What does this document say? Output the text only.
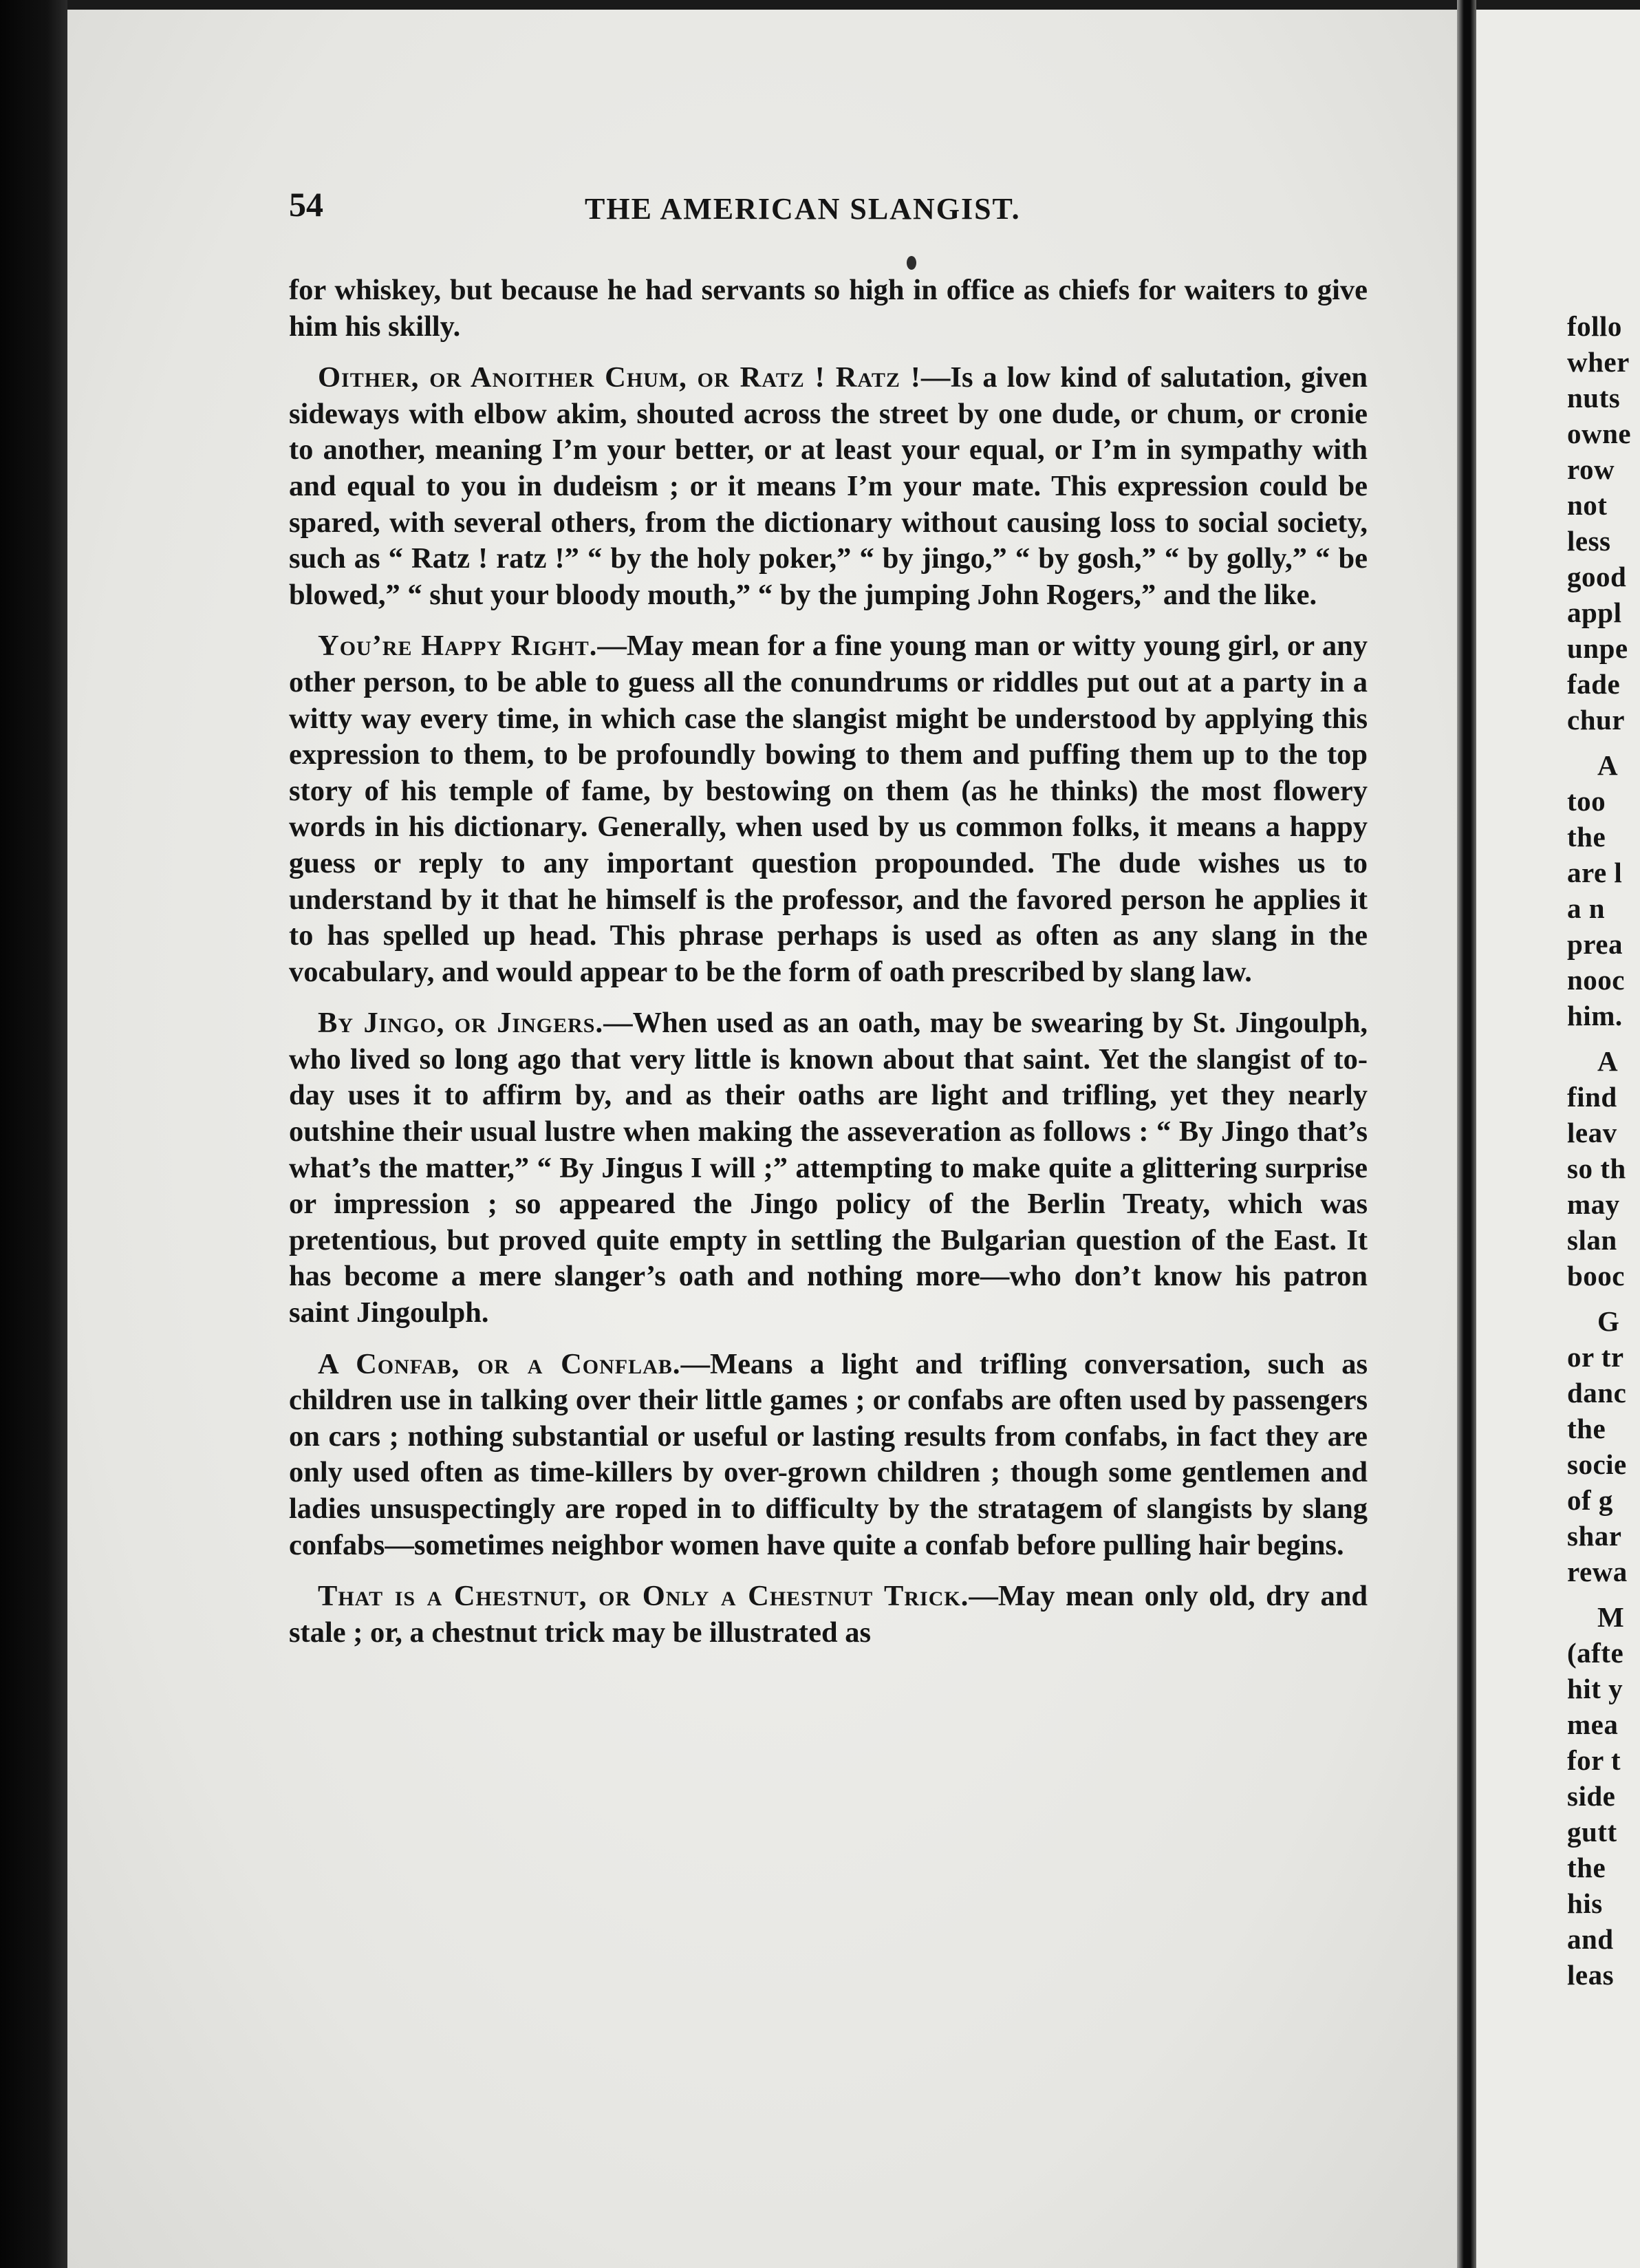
follo
wher
nuts
owne
row
not
less
good
appl
unpe
fade
chur
A
too
the
are l
a n
prea
nooc
him.
A
find
leav
so th
may
slan
booc
G
or tr
danc
the
socie
of g
shar
rewa
M
(afte
hit y
mea
for t
side
gutt
the
his
and
leas
54	THE AMERICAN SLANGIST.

for whiskey, but because he had servants so high in office as chiefs for waiters to give him his skilly.

Oither, or Anoither Chum, or Ratz ! Ratz !—Is a low kind of salutation, given sideways with elbow akim, shouted across the street by one dude, or chum, or cronie to another, meaning I’m your better, or at least your equal, or I’m in sympathy with and equal to you in dudeism ; or it means I’m your mate. This expression could be spared, with several others, from the dictionary without causing loss to social society, such as “ Ratz ! ratz !” “ by the holy poker,” “ by jingo,” “ by gosh,” “ by golly,” “ be blowed,” “ shut your bloody mouth,” “ by the jumping John Rogers,” and the like.

You’re Happy Right.—May mean for a fine young man or witty young girl, or any other person, to be able to guess all the conundrums or riddles put out at a party in a witty way every time, in which case the slangist might be understood by applying this expression to them, to be profoundly bowing to them and puffing them up to the top story of his temple of fame, by bestowing on them (as he thinks) the most flowery words in his dictionary. Generally, when used by us common folks, it means a happy guess or reply to any important question propounded. The dude wishes us to understand by it that he himself is the professor, and the favored person he applies it to has spelled up head. This phrase perhaps is used as often as any slang in the vocabulary, and would appear to be the form of oath prescribed by slang law.

By Jingo, or Jingers.—When used as an oath, may be swearing by St. Jingoulph, who lived so long ago that very little is known about that saint. Yet the slangist of to-day uses it to affirm by, and as their oaths are light and trifling, yet they nearly outshine their usual lustre when making the asseveration as follows : “ By Jingo that’s what’s the matter,” “ By Jingus I will ;” attempting to make quite a glittering surprise or impression ; so appeared the Jingo policy of the Berlin Treaty, which was pretentious, but proved quite empty in settling the Bulgarian question of the East. It has become a mere slanger’s oath and nothing more—who don’t know his patron saint Jingoulph.

A Confab, or a Conflab.—Means a light and trifling conversation, such as children use in talking over their little games ; or confabs are often used by passengers on cars ; nothing substantial or useful or lasting results from confabs, in fact they are only used often as time-killers by over-grown children ; though some gentlemen and ladies unsuspectingly are roped in to difficulty by the stratagem of slangists by slang confabs—sometimes neighbor women have quite a confab before pulling hair begins.

That is a Chestnut, or Only a Chestnut Trick.—May mean only old, dry and stale ; or, a chestnut trick may be illustrated as
